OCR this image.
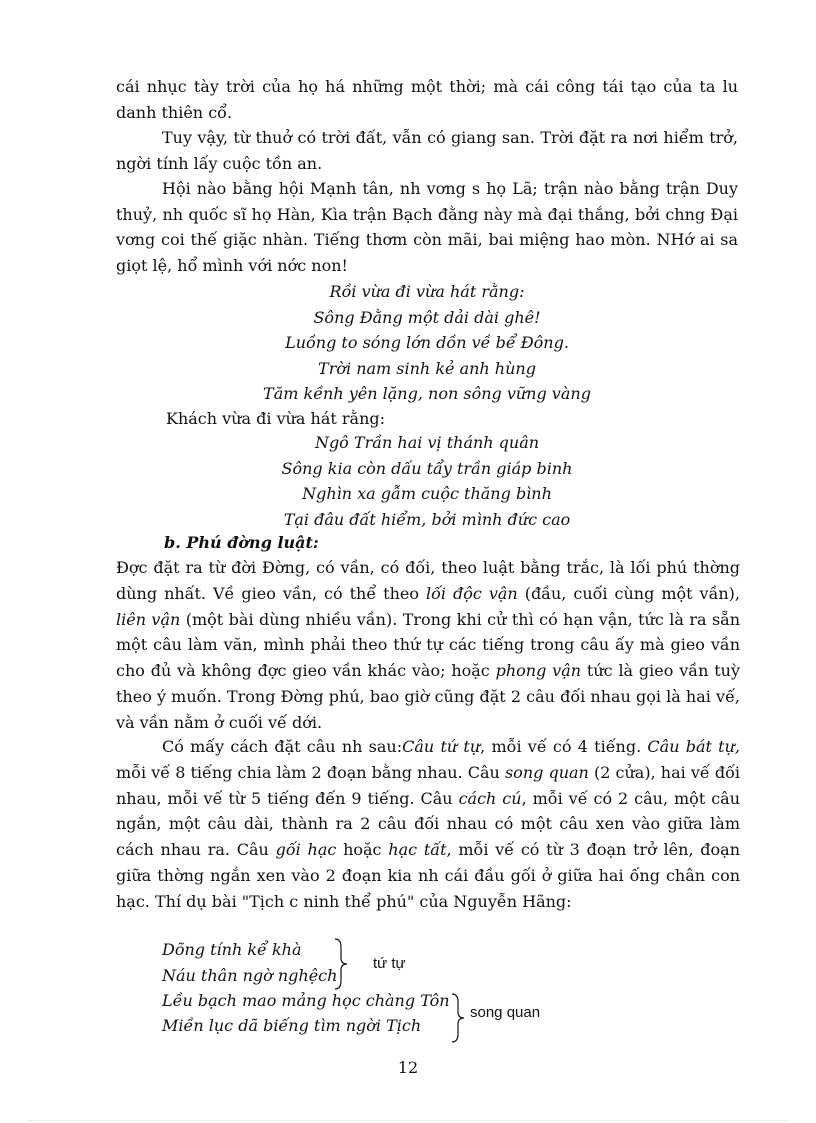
cái nhục tày trời của họ há những một thời; mà cái công tái tạo của ta lu danh thiên cổ.
Tuy vậy, từ thuở có trời đất, vẫn có giang san. Trời đặt ra nơi hiểm trở, ngời tính lấy cuộc tồn an.
Hội nào bằng hội Mạnh tân, nh vơng s họ Lã; trận nào bằng trận Duy thuỷ, nh quốc sĩ họ Hàn, Kìa trận Bạch đằng này mà đại thắng, bởi chng Đại vơng coi thế giặc nhàn. Tiếng thơm còn mãi, bai miệng hao mòn. NHớ ai sa giọt lệ, hổ mình với nớc non!
Rồi vừa đi vừa hát rằng:
Sông Đằng một dải dài ghê!
Luồng to sóng lớn dồn về bể Đông.
Trời nam sinh kẻ anh hùng
Tăm kềnh yên lặng, non sông vững vàng
Khách vừa đi vừa hát rằng:
Ngô Trần hai vị thánh quân
Sông kia còn dấu tẩy trần giáp binh
Nghìn xa gẫm cuộc thăng bình
Tại đâu đất hiểm, bởi mình đức cao
b. Phú đờng luật:
Đợc đặt ra từ đời Đờng, có vần, có đối, theo luật bằng trắc, là lối phú thờng dùng nhất. Về gieo vần, có thể theo lối độc vận (đầu, cuối cùng một vần), liên vận (một bài dùng nhiều vần). Trong khi cử thì có hạn vận, tức là ra sẵn một câu làm văn, mình phải theo thứ tự các tiếng trong câu ấy mà gieo vần cho đủ và không đợc gieo vần khác vào; hoặc phong vận tức là gieo vần tuỳ theo ý muốn. Trong Đờng phú, bao giờ cũng đặt 2 câu đối nhau gọi là hai vế, và vần nằm ở cuối vế dới.
Có mấy cách đặt câu nh sau:Câu tứ tự, mỗi vế có 4 tiếng. Câu bát tự, mỗi vế 8 tiếng chia làm 2 đoạn bằng nhau. Câu song quan (2 cửa), hai vế đối nhau, mỗi vế từ 5 tiếng đến 9 tiếng. Câu cách cú, mỗi vế có 2 câu, một câu ngắn, một câu dài, thành ra 2 câu đối nhau có một câu xen vào giữa làm cách nhau ra. Câu gối hạc hoặc hạc tất, mỗi vế có từ 3 đoạn trở lên, đoạn giữa thờng ngắn xen vào 2 đoạn kia nh cái đầu gối ở giữa hai ống chân con hạc. Thí dụ bài "Tịch c ninh thể phú" của Nguyễn Hãng:
Dõng tính kể khà
Náu thân ngờ nghệch
tứ tự
Lều bạch mao mảng học chàng Tôn
Miền lục dã biếng tìm ngời Tịch
song quan
12
